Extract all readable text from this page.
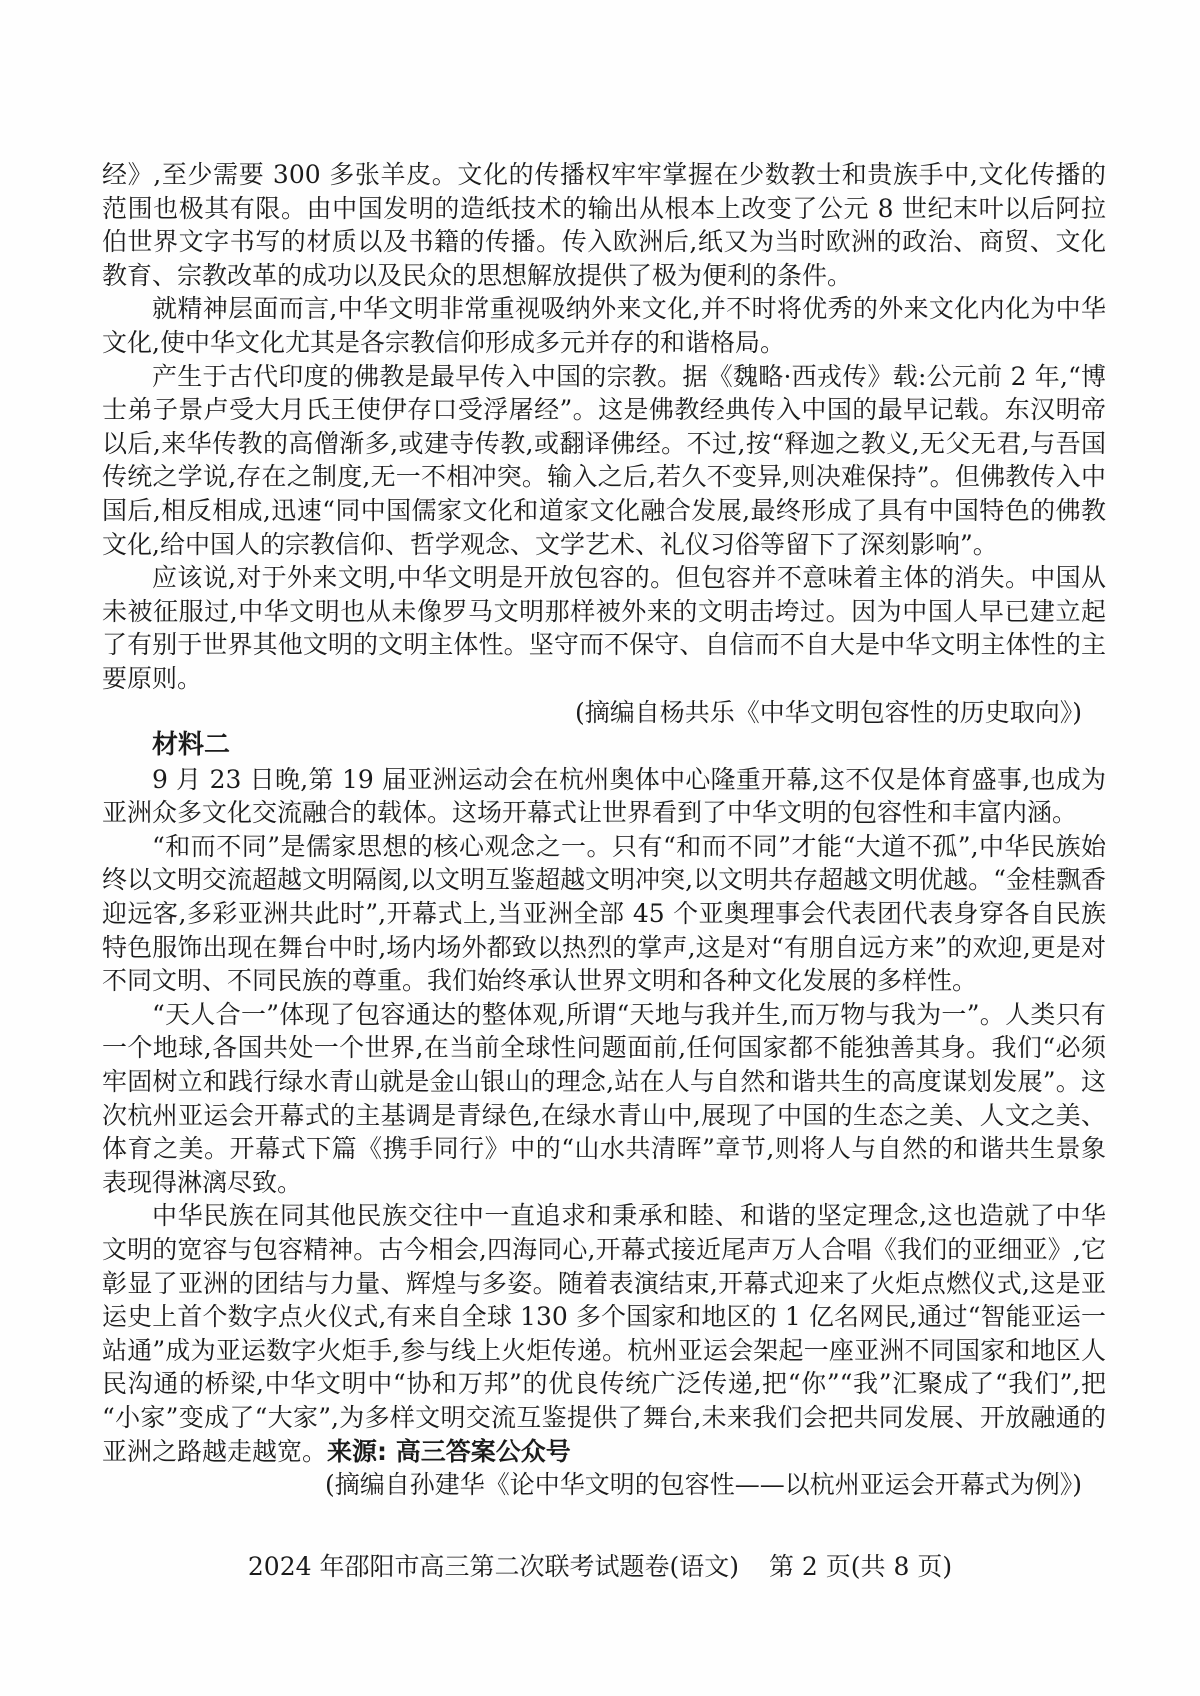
经》,至少需要 300 多张羊皮。文化的传播权牢牢掌握在少数教士和贵族手中,文化传播的范围也极其有限。由中国发明的造纸技术的输出从根本上改变了公元 8 世纪末叶以后阿拉伯世界文字书写的材质以及书籍的传播。传入欧洲后,纸又为当时欧洲的政治、商贸、文化教育、宗教改革的成功以及民众的思想解放提供了极为便利的条件。

就精神层面而言,中华文明非常重视吸纳外来文化,并不时将优秀的外来文化内化为中华文化,使中华文化尤其是各宗教信仰形成多元并存的和谐格局。

产生于古代印度的佛教是最早传入中国的宗教。据《魏略·西戎传》载:公元前 2 年,“博士弟子景卢受大月氏王使伊存口受浮屠经”。这是佛教经典传入中国的最早记载。东汉明帝以后,来华传教的高僧渐多,或建寺传教,或翻译佛经。不过,按“释迦之教义,无父无君,与吾国传统之学说,存在之制度,无一不相冲突。输入之后,若久不变异,则决难保持”。但佛教传入中国后,相反相成,迅速“同中国儒家文化和道家文化融合发展,最终形成了具有中国特色的佛教文化,给中国人的宗教信仰、哲学观念、文学艺术、礼仪习俗等留下了深刻影响”。

应该说,对于外来文明,中华文明是开放包容的。但包容并不意味着主体的消失。中国从未被征服过,中华文明也从未像罗马文明那样被外来的文明击垮过。因为中国人早已建立起了有别于世界其他文明的文明主体性。坚守而不保守、自信而不自大是中华文明主体性的主要原则。

(摘编自杨共乐《中华文明包容性的历史取向》)

材料二

9 月 23 日晚,第 19 届亚洲运动会在杭州奥体中心隆重开幕,这不仅是体育盛事,也成为亚洲众多文化交流融合的载体。这场开幕式让世界看到了中华文明的包容性和丰富内涵。

“和而不同”是儒家思想的核心观念之一。只有“和而不同”才能“大道不孤”,中华民族始终以文明交流超越文明隔阂,以文明互鉴超越文明冲突,以文明共存超越文明优越。“金桂飘香迎远客,多彩亚洲共此时”,开幕式上,当亚洲全部 45 个亚奥理事会代表团代表身穿各自民族特色服饰出现在舞台中时,场内场外都致以热烈的掌声,这是对“有朋自远方来”的欢迎,更是对不同文明、不同民族的尊重。我们始终承认世界文明和各种文化发展的多样性。

“天人合一”体现了包容通达的整体观,所谓“天地与我并生,而万物与我为一”。人类只有一个地球,各国共处一个世界,在当前全球性问题面前,任何国家都不能独善其身。我们“必须牢固树立和践行绿水青山就是金山银山的理念,站在人与自然和谐共生的高度谋划发展”。这次杭州亚运会开幕式的主基调是青绿色,在绿水青山中,展现了中国的生态之美、人文之美、体育之美。开幕式下篇《携手同行》中的“山水共清晖”章节,则将人与自然的和谐共生景象表现得淋漓尽致。

中华民族在同其他民族交往中一直追求和秉承和睦、和谐的坚定理念,这也造就了中华文明的宽容与包容精神。古今相会,四海同心,开幕式接近尾声万人合唱《我们的亚细亚》,它彰显了亚洲的团结与力量、辉煌与多姿。随着表演结束,开幕式迎来了火炬点燃仪式,这是亚运史上首个数字点火仪式,有来自全球 130 多个国家和地区的 1 亿名网民,通过“智能亚运一站通”成为亚运数字火炬手,参与线上火炬传递。杭州亚运会架起一座亚洲不同国家和地区人民沟通的桥梁,中华文明中“协和万邦”的优良传统广泛传递,把“你”“我”汇聚成了“我们”,把“小家”变成了“大家”,为多样文明交流互鉴提供了舞台,未来我们会把共同发展、开放融通的亚洲之路越走越宽。来源: 高三答案公众号

(摘编自孙建华《论中华文明的包容性——以杭州亚运会开幕式为例》)

2024 年邵阳市高三第二次联考试题卷(语文) 第 2 页(共 8 页)
